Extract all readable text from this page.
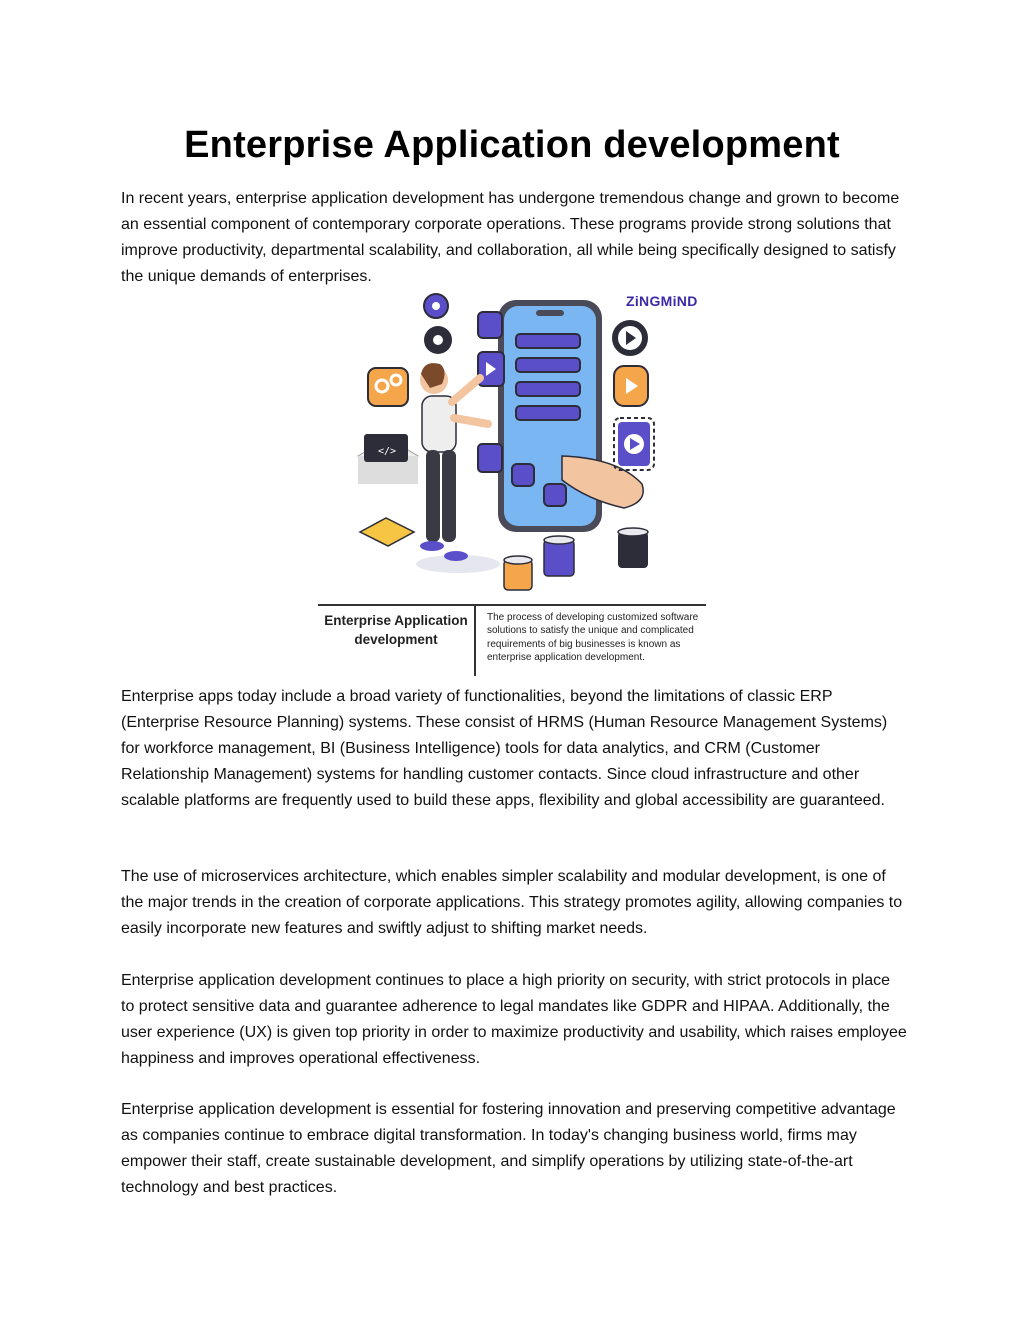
Enterprise Application development

In recent years, enterprise application development has undergone tremendous change and grown to become an essential component of contemporary corporate operations. These programs provide strong solutions that improve productivity, departmental scalability, and collaboration, all while being specifically designed to satisfy the unique demands of enterprises.

</>
ZiNGMiND
Enterprise Application development
The process of developing customized software solutions to satisfy the unique and complicated requirements of big businesses is known as enterprise application development.

Enterprise apps today include a broad variety of functionalities, beyond the limitations of classic ERP (Enterprise Resource Planning) systems. These consist of HRMS (Human Resource Management Systems) for workforce management, BI (Business Intelligence) tools for data analytics, and CRM (Customer Relationship Management) systems for handling customer contacts. Since cloud infrastructure and other scalable platforms are frequently used to build these apps, flexibility and global accessibility are guaranteed.

The use of microservices architecture, which enables simpler scalability and modular development, is one of the major trends in the creation of corporate applications. This strategy promotes agility, allowing companies to easily incorporate new features and swiftly adjust to shifting market needs.

Enterprise application development continues to place a high priority on security, with strict protocols in place to protect sensitive data and guarantee adherence to legal mandates like GDPR and HIPAA. Additionally, the user experience (UX) is given top priority in order to maximize productivity and usability, which raises employee happiness and improves operational effectiveness.

Enterprise application development is essential for fostering innovation and preserving competitive advantage as companies continue to embrace digital transformation. In today's changing business world, firms may empower their staff, create sustainable development, and simplify operations by utilizing state-of-the-art technology and best practices.
